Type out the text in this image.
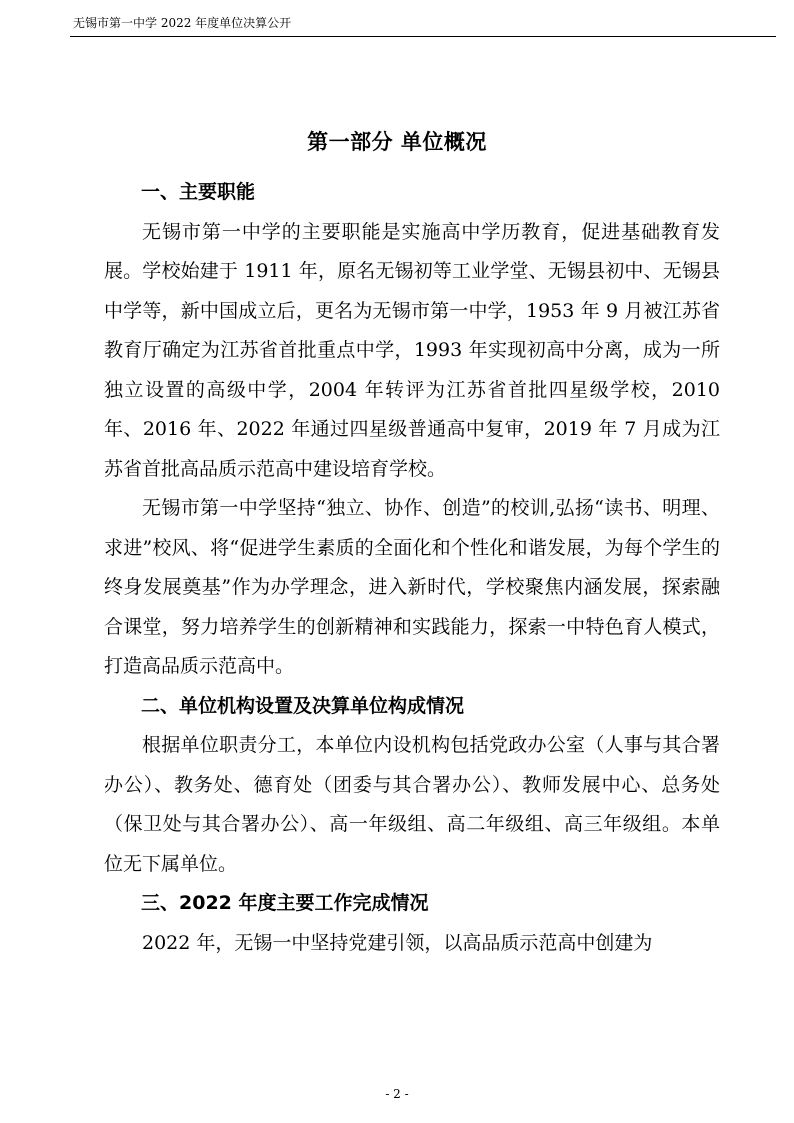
无锡市第一中学 2022 年度单位决算公开
第一部分 单位概况

一、主要职能

无锡市第一中学的主要职能是实施高中学历教育，促进基础教育发展。学校始建于 1911 年，原名无锡初等工业学堂、无锡县初中、无锡县中学等，新中国成立后，更名为无锡市第一中学，1953 年 9 月被江苏省教育厅确定为江苏省首批重点中学，1993 年实现初高中分离，成为一所独立设置的高级中学，2004 年转评为江苏省首批四星级学校，2010 年、2016 年、2022 年通过四星级普通高中复审，2019 年 7 月成为江苏省首批高品质示范高中建设培育学校。

无锡市第一中学坚持“独立、协作、创造”的校训,弘扬“读书、明理、求进”校风、将“促进学生素质的全面化和个性化和谐发展，为每个学生的终身发展奠基”作为办学理念，进入新时代，学校聚焦内涵发展，探索融合课堂，努力培养学生的创新精神和实践能力，探索一中特色育人模式，打造高品质示范高中。

二、单位机构设置及决算单位构成情况

根据单位职责分工，本单位内设机构包括党政办公室（人事与其合署办公）、教务处、德育处（团委与其合署办公）、教师发展中心、总务处（保卫处与其合署办公）、高一年级组、高二年级组、高三年级组。本单位无下属单位。

三、2022 年度主要工作完成情况

2022 年，无锡一中坚持党建引领，以高品质示范高中创建为

- 2 -
